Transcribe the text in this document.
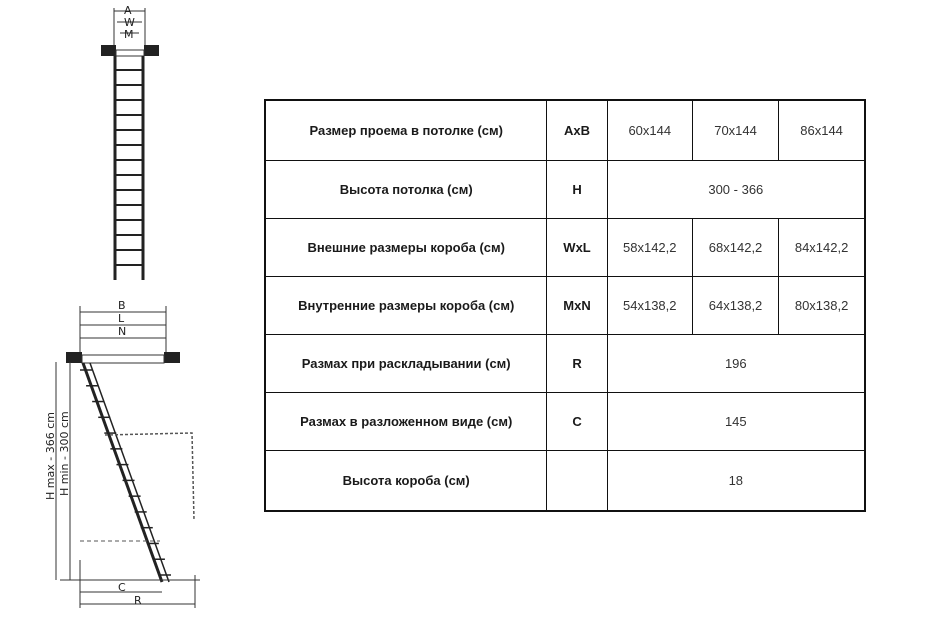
A
W
M
B
L
N
H max - 366 cm H min - 300 cm
C
R
Размер проема в потолке (см)	AxB	60x144	70x144	86x144
Высота потолка (см)	H	300 - 366		
Внешние размеры короба (см)	WxL	58x142,2	68x142,2	84x142,2
Внутренние размеры короба (см)	MxN	54x138,2	64x138,2	80x138,2
Размах при раскладывании (см)	R	196		
Размах в разложенном виде (см)	C	145		
Высота короба (см)		18		
